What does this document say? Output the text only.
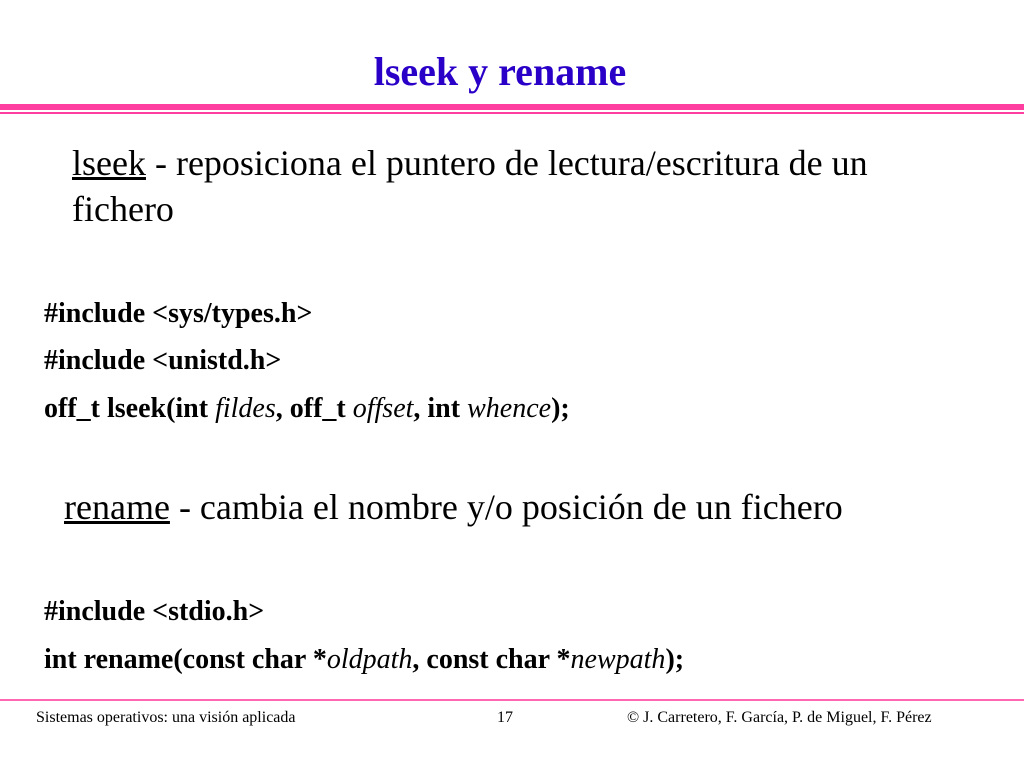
lseek y rename
lseek - reposiciona el puntero de lectura/escritura de un
fichero
#include <sys/types.h>
#include <unistd.h>
off_t lseek(int fildes, off_t offset, int whence);
rename - cambia el nombre y/o posición de un fichero
#include <stdio.h>
int rename(const char *oldpath, const char *newpath);
Sistemas operativos: una visión aplicada	17	© J. Carretero, F. García, P. de Miguel, F. Pérez
